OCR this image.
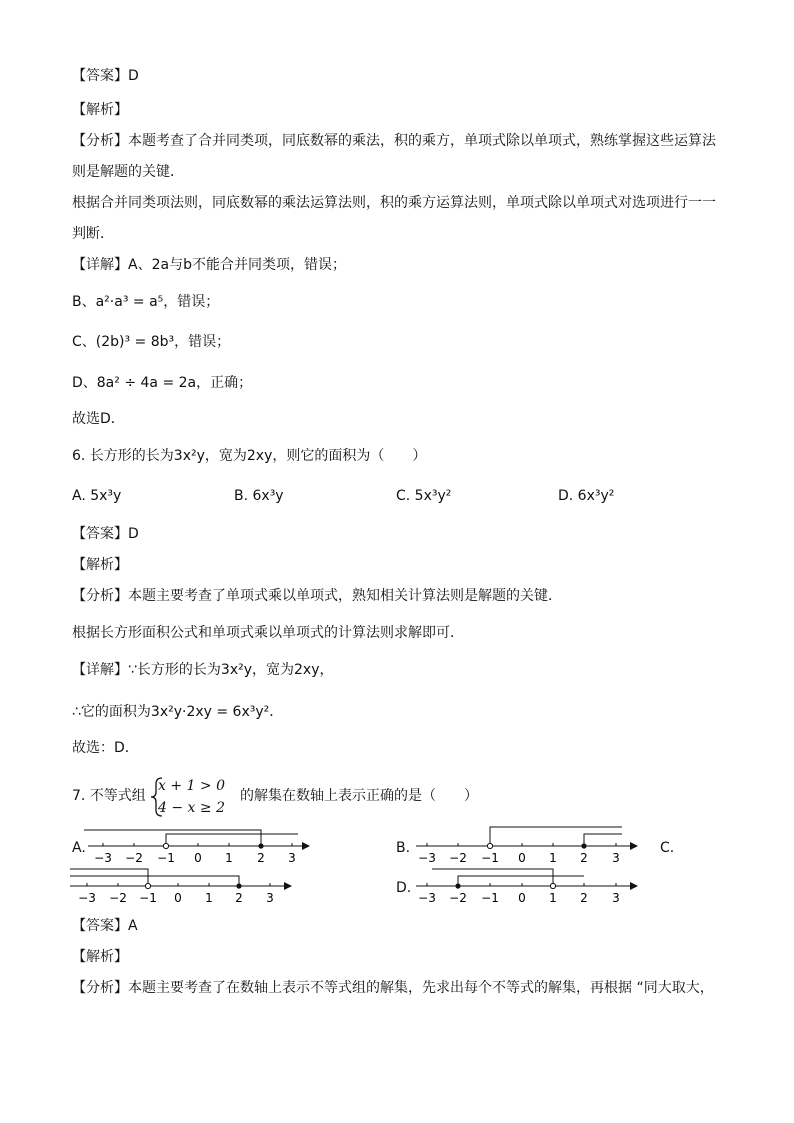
【答案】D
【解析】
【分析】本题考查了合并同类项，同底数幂的乘法，积的乘方，单项式除以单项式，熟练掌握这些运算法
则是解题的关键．
根据合并同类项法则，同底数幂的乘法运算法则，积的乘方运算法则，单项式除以单项式对选项进行一一
判断．
【详解】A、2a与b不能合并同类项，错误；
B、a²·a³ = a⁵，错误；
C、(2b)³ = 8b³，错误；
D、8a² ÷ 4a = 2a，正确；
故选D．
6. 长方形的长为3x²y，宽为2xy，则它的面积为（　　）
A. 5x³y	B. 6x³y	C. 5x³y²	D. 6x³y²
【答案】D
【解析】
【分析】本题主要考查了单项式乘以单项式，熟知相关计算法则是解题的关键．
根据长方形面积公式和单项式乘以单项式的计算法则求解即可．
【详解】∵长方形的长为3x²y，宽为2xy，
∴它的面积为3x²y·2xy = 6x³y²．
故选：D．
7. 不等式组
x + 1 > 0
4 − x ≥ 2
的解集在数轴上表示正确的是（　　）
A.	B.	C.
D.
−3 −2 −1 0 1 2 3	−3 −2 −1 0 1 2 3
−3 −2 −1 0 1 2 3	−3 −2 −1 0 1 2 3
【答案】A
【解析】
【分析】本题主要考查了在数轴上表示不等式组的解集，先求出每个不等式的解集，再根据 “同大取大，
